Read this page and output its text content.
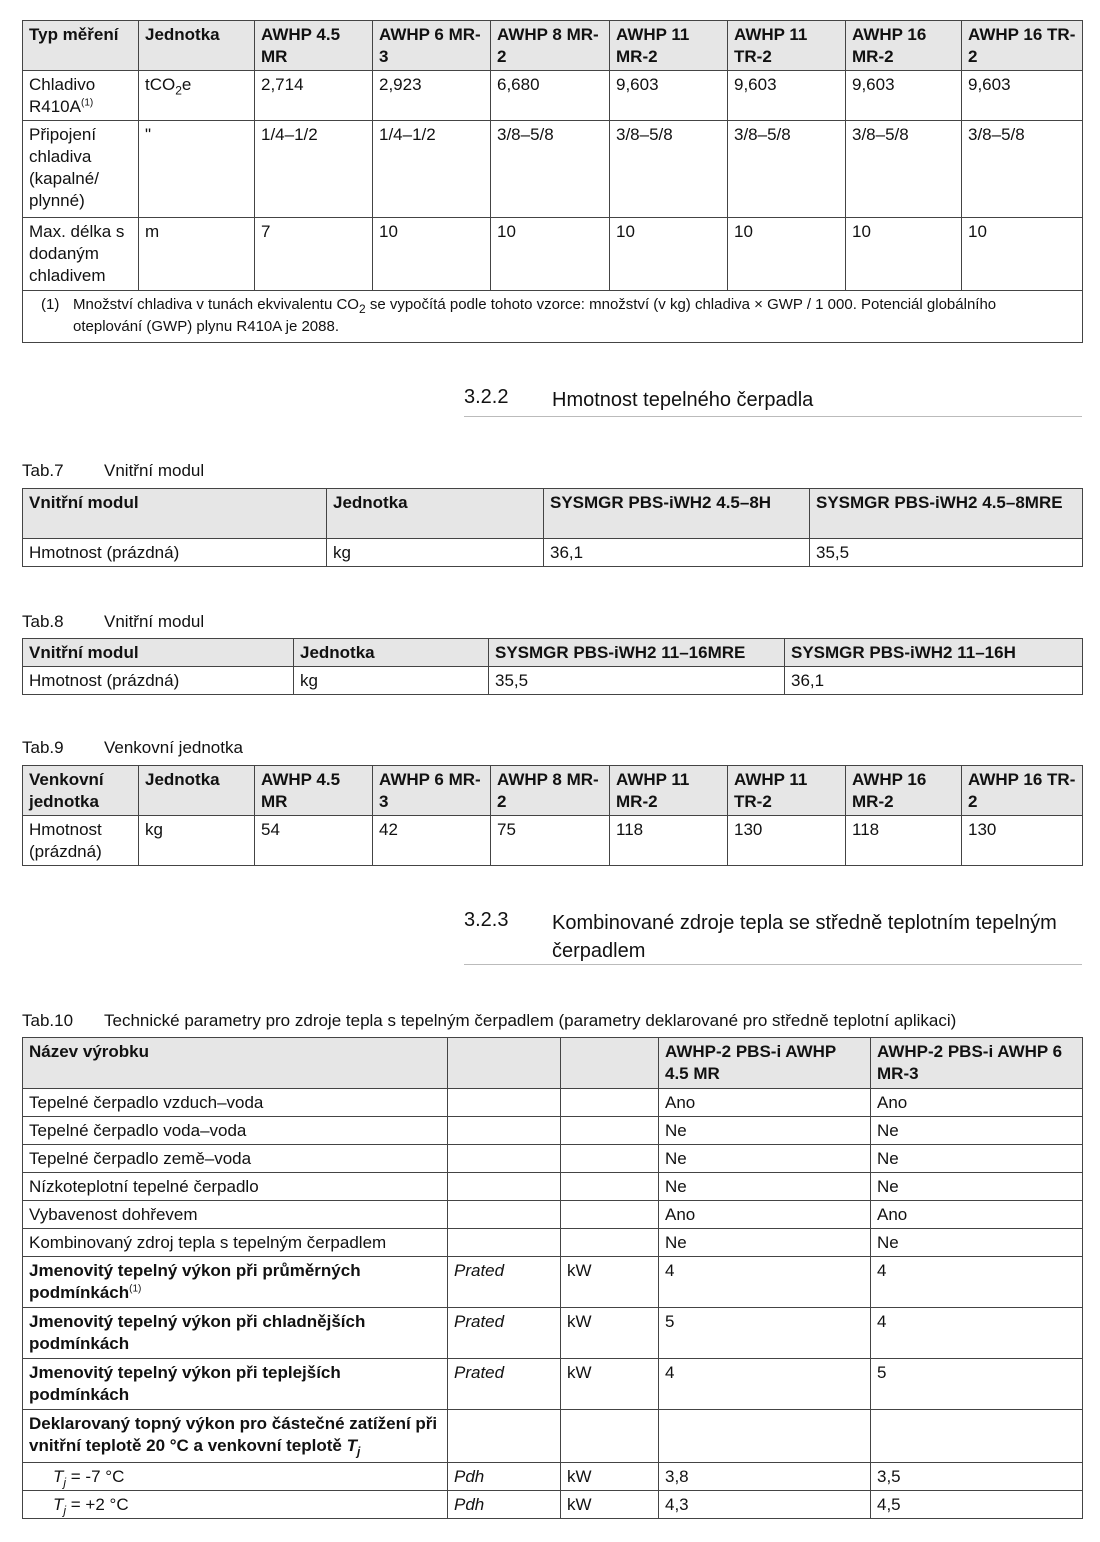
Typ měření	Jednotka	AWHP 4.5 MR	AWHP 6 MR-3	AWHP 8 MR-2	AWHP 11 MR-2	AWHP 11 TR-2	AWHP 16 MR-2	AWHP 16 TR-2
Chladivo $R410A^{(1)}$	tCO$_2$e	2,714	2,923	6,680	9,603	9,603	9,603	9,603
Připojení chladiva (kapalné/ plynné)	"	1/4–1/2	1/4–1/2	3/8–5/8	3/8–5/8	3/8–5/8	3/8–5/8	3/8–5/8
Max. délka s dodaným chladivem	m	7	10	10	10	10	10	10
(1) Množství chladiva v tunách ekvivalentu $CO_2$ se vypočítá podle tohoto vzorce: množství (v kg) chladiva × GWP / 1 000. Potenciál globálního oteplování (GWP) plynu R410A je 2088.								
3.2.2 Hmotnost tepelného čerpadla
Tab.7 Vnitřní modul
Vnitřní modul	Jednotka	SYSMGR PBS-iWH2 4.5–8H	SYSMGR PBS-iWH2 4.5–8MRE
Hmotnost (prázdná)	kg	36,1	35,5
Tab.8 Vnitřní modul
Vnitřní modul	Jednotka	SYSMGR PBS-iWH2 11–16MRE	SYSMGR PBS-iWH2 11–16H
Hmotnost (prázdná)	kg	35,5	36,1
Tab.9 Venkovní jednotka
Venkovní jednotka	Jednotka	AWHP 4.5 MR	AWHP 6 MR-3	AWHP 8 MR-2	AWHP 11 MR-2	AWHP 11 TR-2	AWHP 16 MR-2	AWHP 16 TR-2
Hmotnost (prázdná)	kg	54	42	75	118	130	118	130
3.2.3 Kombinované zdroje tepla se středně teplotním tepelným čerpadlem
Tab.10 Technické parametry pro zdroje tepla s tepelným čerpadlem (parametry deklarované pro středně teplotní aplikaci)
Název výrobku			AWHP-2 PBS-i AWHP 4.5 MR	AWHP-2 PBS-i AWHP 6 MR-3
Tepelné čerpadlo vzduch–voda			Ano	Ano
Tepelné čerpadlo voda–voda			Ne	Ne
Tepelné čerpadlo země–voda			Ne	Ne
Nízkoteplotní tepelné čerpadlo			Ne	Ne
Vybavenost dohřevem			Ano	Ano
Kombinovaný zdroj tepla s tepelným čerpadlem			Ne	Ne
Jmenovitý tepelný výkon při průměrných podmínkách$^{(1)}$	Prated	kW	4	4
Jmenovitý tepelný výkon při chladnějších podmínkách	Prated	kW	5	4
Jmenovitý tepelný výkon při teplejších podmínkách	Prated	kW	4	5
Deklarovaný topný výkon pro částečné zatížení při vnitřní teplotě 20 °C a venkovní teplotě $T_j$				
$T_j = -7$ °C	Pdh	kW	3,8	3,5
$T_j = +2$ °C	Pdh	kW	4,3	4,5
